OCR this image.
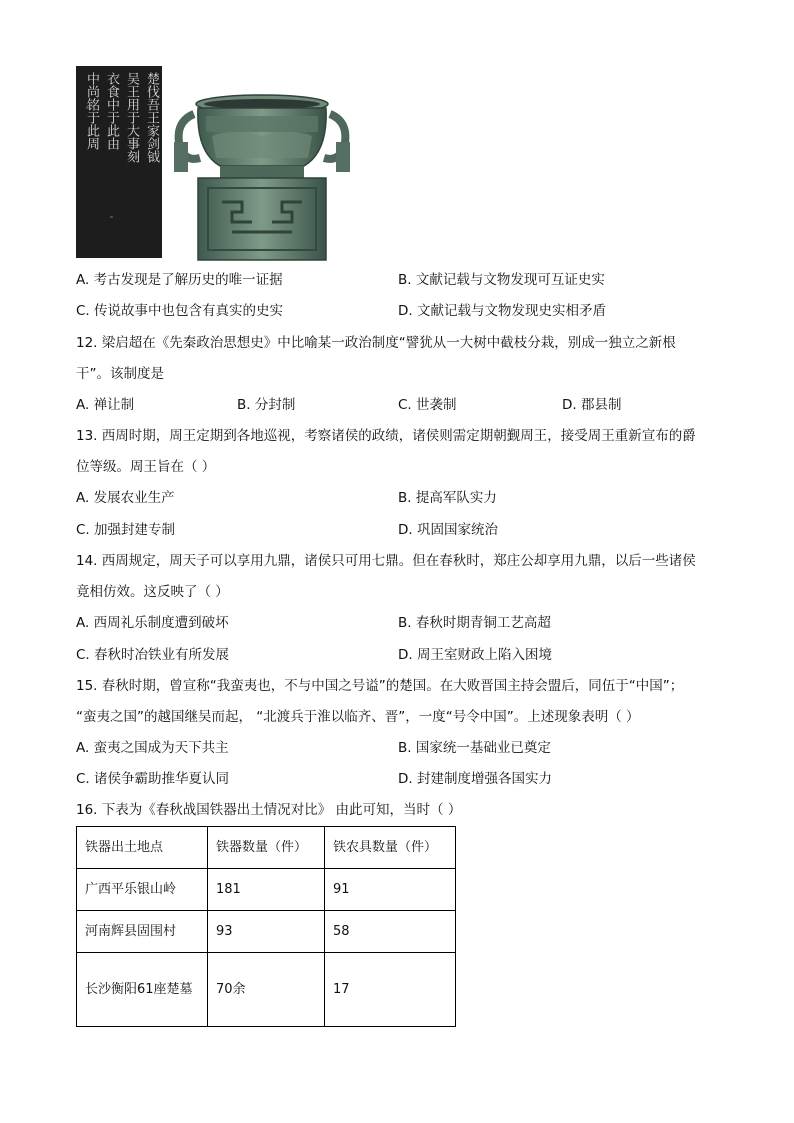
楚伐吾王家剑钺
吴王用于大事刻
衣食中于此由
中尚铭于此周
A. 考古发现是了解历史的唯一证据	B. 文献记载与文物发现可互证史实
C. 传说故事中也包含有真实的史实	D. 文献记载与文物发现史实相矛盾
12. 梁启超在《先秦政治思想史》中比喻某一政治制度“譬犹从一大树中截枝分栽，别成一独立之新根
干”。该制度是
A. 禅让制	B. 分封制	C. 世袭制	D. 郡县制
13. 西周时期，周王定期到各地巡视，考察诸侯的政绩，诸侯则需定期朝觐周王，接受周王重新宣布的爵
位等级。周王旨在（ ）
A. 发展农业生产	B. 提高军队实力
C. 加强封建专制	D. 巩固国家统治
14. 西周规定，周天子可以享用九鼎，诸侯只可用七鼎。但在春秋时，郑庄公却享用九鼎，以后一些诸侯
竟相仿效。这反映了（ ）
A. 西周礼乐制度遭到破坏	B. 春秋时期青铜工艺高超
C. 春秋时冶铁业有所发展	D. 周王室财政上陷入困境
15. 春秋时期，曾宣称“我蛮夷也，不与中国之号谥”的楚国。在大败晋国主持会盟后，同伍于“中国”；
“蛮夷之国”的越国继吴而起， “北渡兵于淮以临齐、晋”，一度“号令中国”。上述现象表明（ ）
A. 蛮夷之国成为天下共主	B. 国家统一基础业已奠定
C. 诸侯争霸助推华夏认同	D. 封建制度增强各国实力
16. 下表为《春秋战国铁器出土情况对比》 由此可知，当时（ ）
铁器出土地点	铁器数量（件）	铁农具数量（件）
广西平乐银山岭	181	91
河南辉县固围村	93	58
长沙衡阳61座楚墓	70余	17
